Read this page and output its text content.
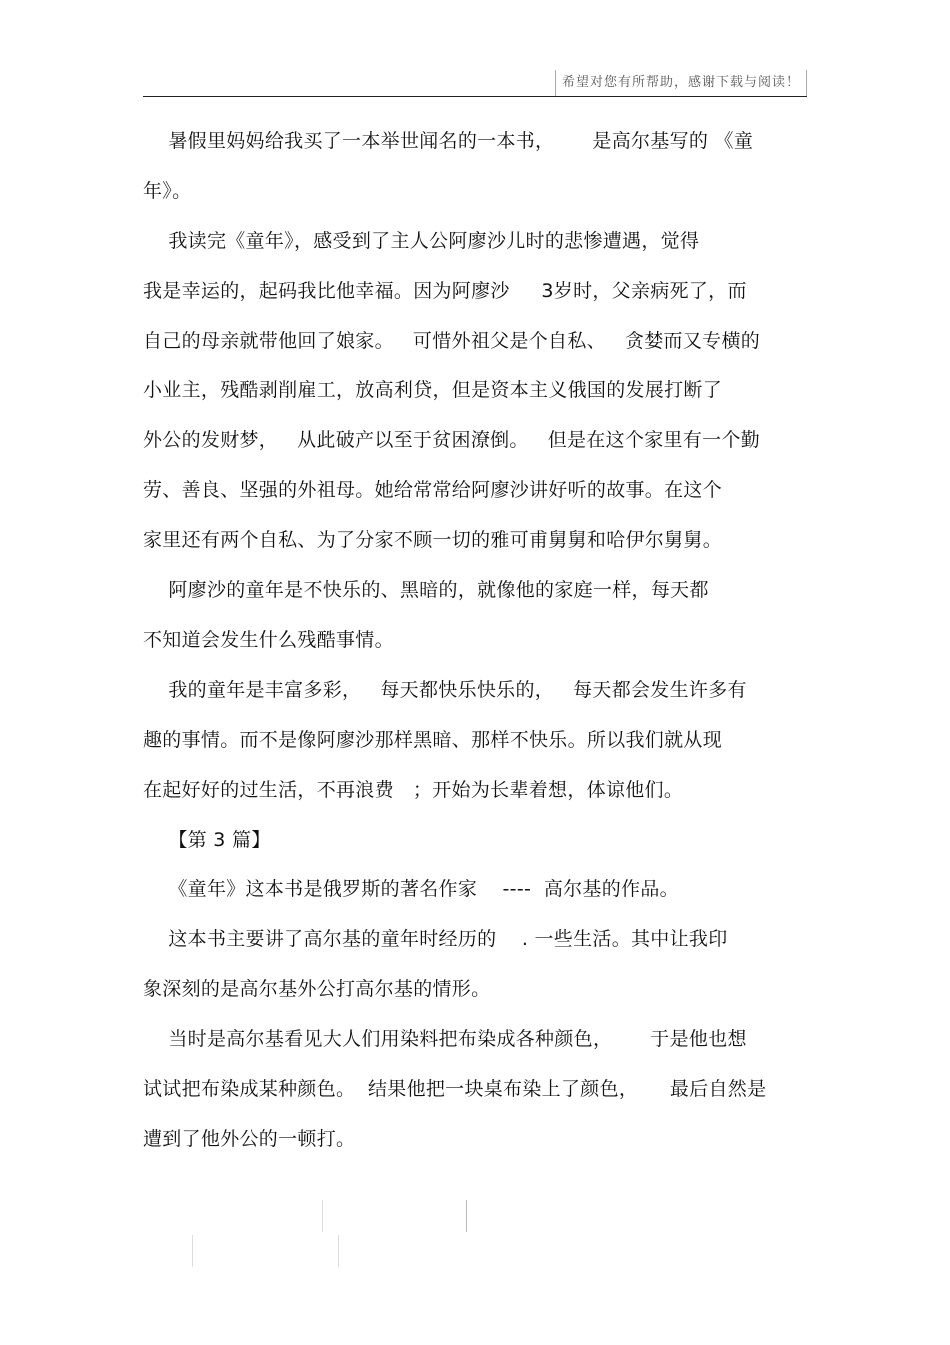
希望对您有所帮助，感谢下载与阅读！
暑假里妈妈给我买了一本举世闻名的一本书，      是高尔基写的 《童
年》。
我读完《童年》，感受到了主人公阿廖沙儿时的悲惨遭遇，觉得
我是幸运的，起码我比他幸福。因为阿廖沙     3岁时，父亲病死了，而
自己的母亲就带他回了娘家。   可惜外祖父是个自私、   贪婪而又专横的
小业主，残酷剥削雇工，放高利贷，但是资本主义俄国的发展打断了
外公的发财梦，   从此破产以至于贫困潦倒。   但是在这个家里有一个勤
劳、善良、坚强的外祖母。她给常常给阿廖沙讲好听的故事。在这个
家里还有两个自私、为了分家不顾一切的雅可甫舅舅和哈伊尔舅舅。
阿廖沙的童年是不快乐的、黑暗的，就像他的家庭一样，每天都
不知道会发生什么残酷事情。
我的童年是丰富多彩，   每天都快乐快乐的，   每天都会发生许多有
趣的事情。而不是像阿廖沙那样黑暗、那样不快乐。所以我们就从现
在起好好的过生活，不再浪费   ；开始为长辈着想，体谅他们。
【第 3 篇】
《童年》这本书是俄罗斯的著名作家    ----  高尔基的作品。
这本书主要讲了高尔基的童年时经历的    . 一些生活。其中让我印
象深刻的是高尔基外公打高尔基的情形。
当时是高尔基看见大人们用染料把布染成各种颜色，      于是他也想
试试把布染成某种颜色。  结果他把一块桌布染上了颜色，     最后自然是
遭到了他外公的一顿打。
